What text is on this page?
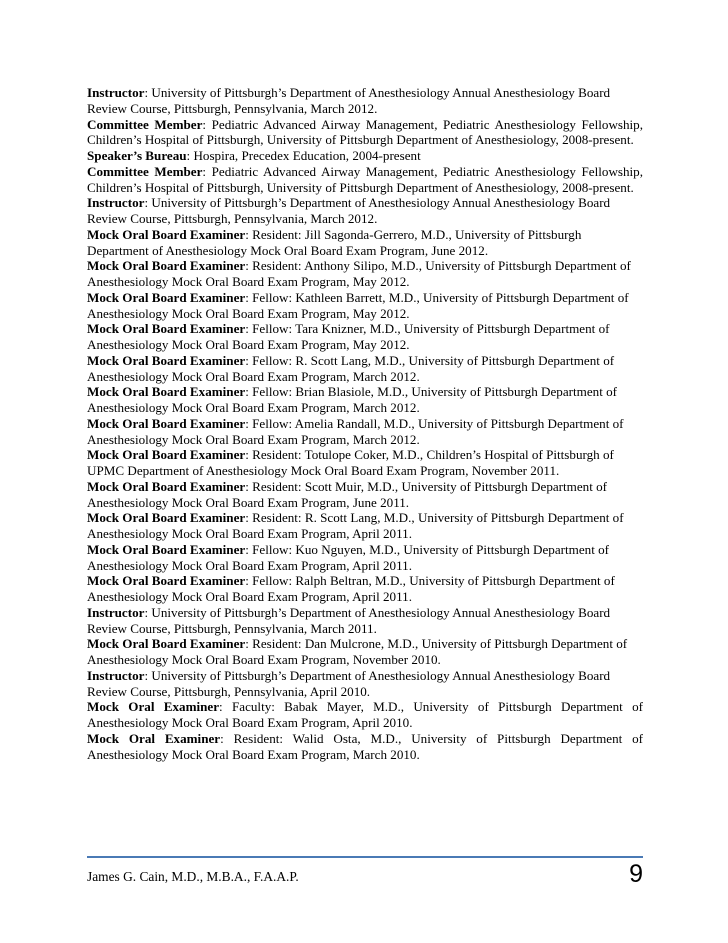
Instructor: University of Pittsburgh’s Department of Anesthesiology Annual Anesthesiology Board Review Course, Pittsburgh, Pennsylvania, March 2012.

Committee Member: Pediatric Advanced Airway Management, Pediatric Anesthesiology Fellowship, Children’s Hospital of Pittsburgh, University of Pittsburgh Department of Anesthesiology, 2008-present.

Speaker’s Bureau: Hospira, Precedex Education, 2004-present

Committee Member: Pediatric Advanced Airway Management, Pediatric Anesthesiology Fellowship, Children’s Hospital of Pittsburgh, University of Pittsburgh Department of Anesthesiology, 2008-present.

Instructor: University of Pittsburgh’s Department of Anesthesiology Annual Anesthesiology Board Review Course, Pittsburgh, Pennsylvania, March 2012.

Mock Oral Board Examiner: Resident: Jill Sagonda-Gerrero, M.D., University of Pittsburgh Department of Anesthesiology Mock Oral Board Exam Program, June 2012.

Mock Oral Board Examiner: Resident: Anthony Silipo, M.D., University of Pittsburgh Department of Anesthesiology Mock Oral Board Exam Program, May 2012.

Mock Oral Board Examiner: Fellow: Kathleen Barrett, M.D., University of Pittsburgh Department of Anesthesiology Mock Oral Board Exam Program, May 2012.

Mock Oral Board Examiner: Fellow: Tara Knizner, M.D., University of Pittsburgh Department of Anesthesiology Mock Oral Board Exam Program, May 2012.

Mock Oral Board Examiner: Fellow: R. Scott Lang, M.D., University of Pittsburgh Department of Anesthesiology Mock Oral Board Exam Program, March 2012.

Mock Oral Board Examiner: Fellow: Brian Blasiole, M.D., University of Pittsburgh Department of Anesthesiology Mock Oral Board Exam Program, March 2012.

Mock Oral Board Examiner: Fellow: Amelia Randall, M.D., University of Pittsburgh Department of Anesthesiology Mock Oral Board Exam Program, March 2012.

Mock Oral Board Examiner: Resident: Totulope Coker, M.D., Children’s Hospital of Pittsburgh of UPMC Department of Anesthesiology Mock Oral Board Exam Program, November 2011.

Mock Oral Board Examiner: Resident: Scott Muir, M.D., University of Pittsburgh Department of Anesthesiology Mock Oral Board Exam Program, June 2011.

Mock Oral Board Examiner: Resident: R. Scott Lang, M.D., University of Pittsburgh Department of Anesthesiology Mock Oral Board Exam Program, April 2011.

Mock Oral Board Examiner: Fellow: Kuo Nguyen, M.D., University of Pittsburgh Department of Anesthesiology Mock Oral Board Exam Program, April 2011.

Mock Oral Board Examiner: Fellow: Ralph Beltran, M.D., University of Pittsburgh Department of Anesthesiology Mock Oral Board Exam Program, April 2011.

Instructor: University of Pittsburgh’s Department of Anesthesiology Annual Anesthesiology Board Review Course, Pittsburgh, Pennsylvania, March 2011.

Mock Oral Board Examiner: Resident: Dan Mulcrone, M.D., University of Pittsburgh Department of Anesthesiology Mock Oral Board Exam Program, November 2010.

Instructor: University of Pittsburgh’s Department of Anesthesiology Annual Anesthesiology Board Review Course, Pittsburgh, Pennsylvania, April 2010.

Mock Oral Examiner: Faculty: Babak Mayer, M.D., University of Pittsburgh Department of Anesthesiology Mock Oral Board Exam Program, April 2010.

Mock Oral Examiner: Resident: Walid Osta, M.D., University of Pittsburgh Department of Anesthesiology Mock Oral Board Exam Program, March 2010.

James G. Cain, M.D., M.B.A., F.A.A.P.	9
